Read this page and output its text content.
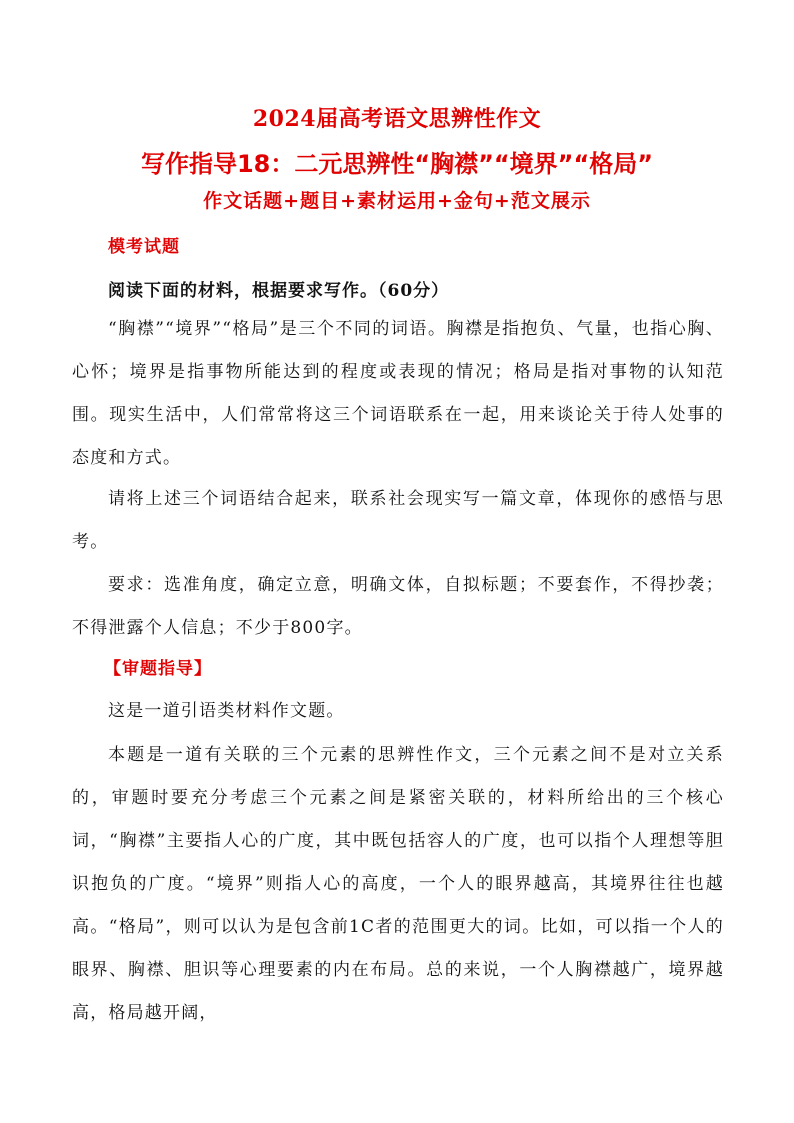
2024届高考语文思辨性作文
写作指导18：二元思辨性“胸襟”“境界”“格局”
作文话题+题目+素材运用+金句+范文展示
模考试题
阅读下面的材料，根据要求写作。（60分）
“胸襟”“境界”“格局”是三个不同的词语。胸襟是指抱负、气量，也指心胸、心怀；境界是指事物所能达到的程度或表现的情况；格局是指对事物的认知范围。现实生活中，人们常常将这三个词语联系在一起，用来谈论关于待人处事的态度和方式。
请将上述三个词语结合起来，联系社会现实写一篇文章，体现你的感悟与思考。
要求：选准角度，确定立意，明确文体，自拟标题；不要套作，不得抄袭；不得泄露个人信息；不少于800字。
【审题指导】
这是一道引语类材料作文题。
本题是一道有关联的三个元素的思辨性作文，三个元素之间不是对立关系的，审题时要充分考虑三个元素之间是紧密关联的，材料所给出的三个核心词，“胸襟”主要指人心的广度，其中既包括容人的广度，也可以指个人理想等胆识抱负的广度。“境界”则指人心的高度，一个人的眼界越高，其境界往往也越高。“格局”，则可以认为是包含前1C者的范围更大的词。比如，可以指一个人的眼界、胸襟、胆识等心理要素的内在布局。总的来说，一个人胸襟越广，境界越高，格局越开阔，
